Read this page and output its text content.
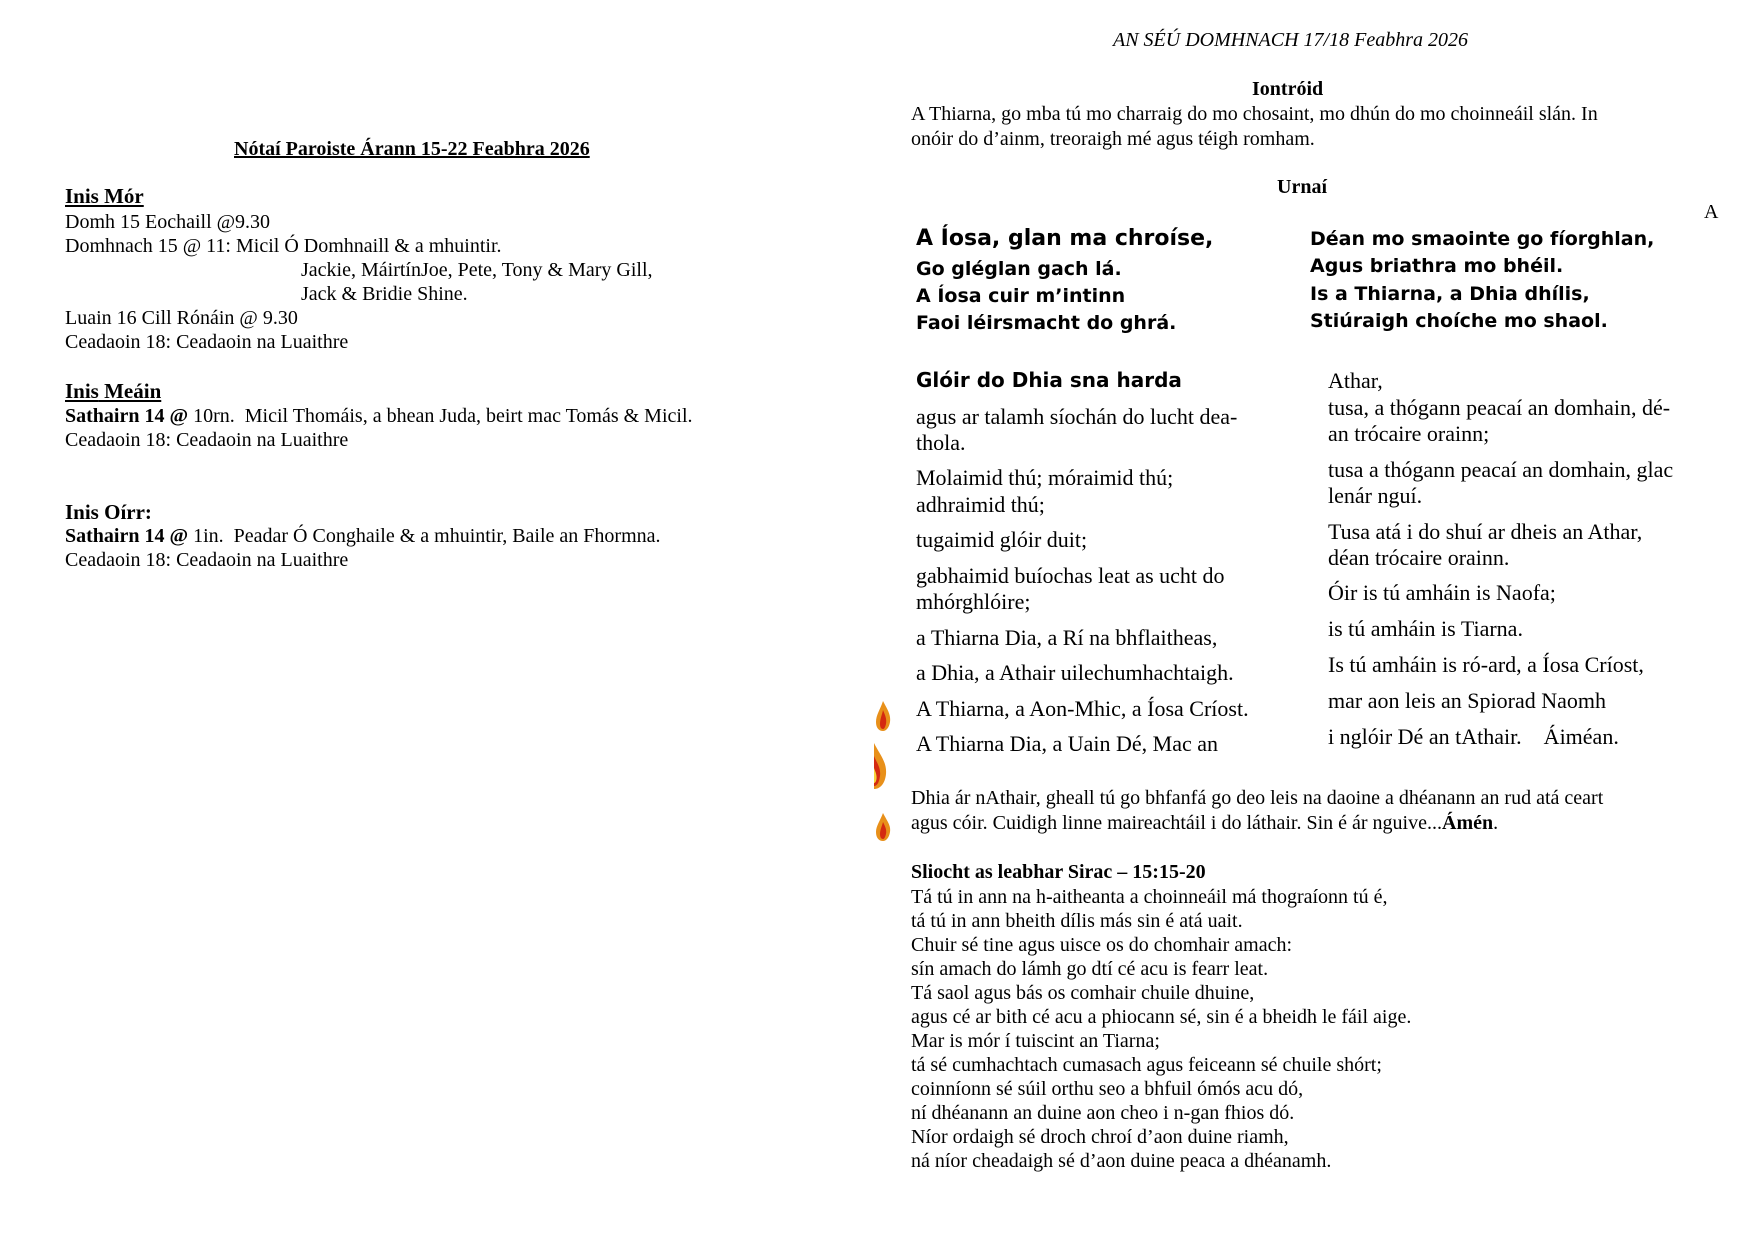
AN SÉÚ DOMHNACH 17/18 Feabhra 2026
Nótaí Paroiste Árann 15-22 Feabhra 2026
Inis Mór
Domh 15 Eochaill @9.30
Domhnach 15 @ 11: Micil Ó Domhnaill & a mhuintir.
Jackie, MáirtínJoe, Pete, Tony & Mary Gill,
Jack & Bridie Shine.
Luain 16 Cill Rónáin @ 9.30
Ceadaoin 18: Ceadaoin na Luaithre
Inis Meáin
Sathairn 14 @ 10rn.  Micil Thomáis, a bhean Juda, beirt mac Tomás & Micil.
Ceadaoin 18: Ceadaoin na Luaithre
Inis Oírr:
Sathairn 14 @ 1in.  Peadar Ó Conghaile & a mhuintir, Baile an Fhormna.
Ceadaoin 18: Ceadaoin na Luaithre
Iontróid
A Thiarna, go mba tú mo charraig do mo chosaint, mo dhún do mo choinneáil slán. In
onóir do d’ainm, treoraigh mé agus téigh romham.
Urnaí
A
A Íosa, glan ma chroíse,
Go gléglan gach lá.
A Íosa cuir m’intinn
Faoi léirsmacht do ghrá.
Déan mo smaointe go fíorghlan,
Agus briathra mo bhéil.
Is a Thiarna, a Dhia dhílis,
Stiúraigh choíche mo shaol.
Glóir do Dhia sna harda
agus ar talamh síochán do lucht dea-
thola.
Molaimid thú; móraimid thú;
adhraimid thú;
tugaimid glóir duit;
gabhaimid buíochas leat as ucht do
mhórghlóire;
a Thiarna Dia, a Rí na bhflaitheas,
a Dhia, a Athair uilechumhachtaigh.
A Thiarna, a Aon-Mhic, a Íosa Críost.
A Thiarna Dia, a Uain Dé, Mac an
Athar,
tusa, a thógann peacaí an domhain, dé-
an trócaire orainn;
tusa a thógann peacaí an domhain, glac
lenár nguí.
Tusa atá i do shuí ar dheis an Athar,
déan trócaire orainn.
Óir is tú amháin is Naofa;
is tú amháin is Tiarna.
Is tú amháin is ró-ard, a Íosa Críost,
mar aon leis an Spiorad Naomh
i nglóir Dé an tAthair.    Áiméan.
Dhia ár nAthair, gheall tú go bhfanfá go deo leis na daoine a dhéanann an rud atá ceart
agus cóir. Cuidigh linne maireachtáil i do láthair. Sin é ár nguive...Ámén.
Sliocht as leabhar Sirac – 15:15-20
Tá tú in ann na h-aitheanta a choinneáil má thograíonn tú é,
tá tú in ann bheith dílis más sin é atá uait.
Chuir sé tine agus uisce os do chomhair amach:
sín amach do lámh go dtí cé acu is fearr leat.
Tá saol agus bás os comhair chuile dhuine,
agus cé ar bith cé acu a phiocann sé, sin é a bheidh le fáil aige.
Mar is mór í tuiscint an Tiarna;
tá sé cumhachtach cumasach agus feiceann sé chuile shórt;
coinníonn sé súil orthu seo a bhfuil ómós acu dó,
ní dhéanann an duine aon cheo i n-gan fhios dó.
Níor ordaigh sé droch chroí d’aon duine riamh,
ná níor cheadaigh sé d’aon duine peaca a dhéanamh.
